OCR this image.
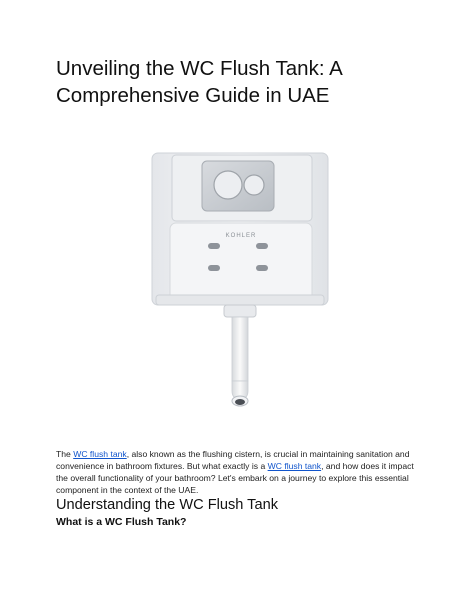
Unveiling the WC Flush Tank: A Comprehensive Guide in UAE
KOHLER

The WC flush tank, also known as the flushing cistern, is crucial in maintaining sanitation and convenience in bathroom fixtures. But what exactly is a WC flush tank, and how does it impact the overall functionality of your bathroom? Let's embark on a journey to explore this essential component in the context of the UAE.

Understanding the WC Flush Tank
What is a WC Flush Tank?
